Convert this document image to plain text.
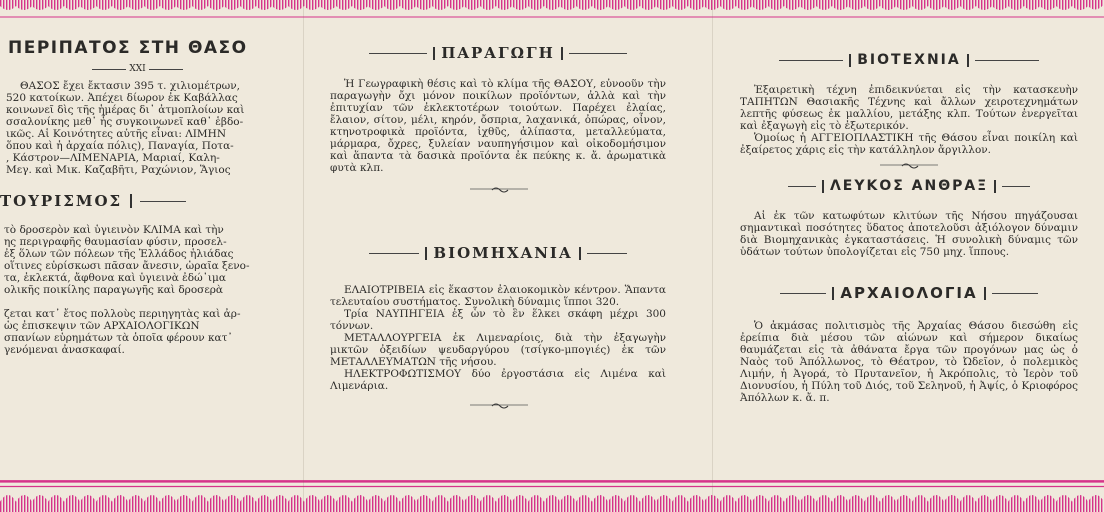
ΠΕΡΙΠΑΤΟΣ ΣΤΗ ΘΑΣΟ
XXI
ΘΑΣΟΣ ἔχει ἔκτασιν 395 τ. χιλιομέτρων,
520 κατοίκων. Ἀπέχει δίωρον ἐκ Καβάλλας
κοινωνεῖ δὶς τῆς ἡμέρας δι᾽ ἀτμοπλοίων καὶ
σσαλονίκης μεθ᾽ ἧς συγκοινωνεῖ καθ᾽ ἑβδο-
ικῶς. Αἱ Κοινότητες αὐτῆς εἶναι: ΛΙΜΗΝ
ὅπου καὶ ἡ ἀρχαία πόλις), Παναγία, Ποτα-
, Κάστρον—ΛΙΜΕΝΑΡΙΑ, Μαριαί, Καλη-
Μεγ. καὶ Μικ. Καζαβῆτι, Ραχώνιον, Ἅγιος
ΤΟΥΡΙΣΜΟΣ
τὸ δροσερὸν καὶ ὑγιεινὸν ΚΛΙΜΑ καὶ τὴν
ης περιγραφῆς θαυμασίαν φύσιν, προσελ-
ἐξ ὅλων τῶν πόλεων τῆς Ἑλλάδος ἡλιάδας
οἵτινες εὑρίσκωσι πᾶσαν ἄνεσιν, ὡραῖα ξενο-
τα, ἐκλεκτά, ἄφθονα καὶ ὑγιεινὰ ἐδώ᾽ιμα
ολικῆς ποικίλης παραγωγῆς καὶ δροσερὰ
ζεται κατ᾽ ἔτος πολλοὺς περιηγητὰς καὶ ἀρ-
ὡς ἐπισκεψιν τῶν ΑΡΧΑΙΟΛΟΓΙΚΩΝ
σπανίων εὑρημάτων τὰ ὁποῖα φέρουν κατ᾽
γενόμεναι ἀνασκαφαί.
ΠΑΡΑΓΩΓΗ

Ἡ Γεωγραφικὴ θέσις καὶ τὸ κλίμα τῆς ΘΑΣΟΥ, εὐνοοῦν τὴν παραγωγὴν ὄχι μόνον ποικίλων προϊόντων, ἀλλὰ καὶ τὴν ἐπιτυχίαν τῶν ἐκλεκτοτέρων τοιούτων. Παρέχει ἐλαίας, ἔλαιον, σίτον, μέλι, κηρόν, ὄσπρια, λαχανικά, ὀπώρας, οἶνον, κτηνοτροφικὰ προϊόντα, ἰχθῦς, ἀλίπαστα, μεταλλεύματα, μάρμαρα, ὄχρες, ξυλείαν ναυπηγήσιμον καὶ οἰκοδομήσιμον καὶ ἅπαντα τὰ δασικὰ προϊόντα ἐκ πεύκης κ. ἄ. ἀρωματικὰ φυτὰ κλπ.

ΒΙΟΜΗΧΑΝΙΑ

ΕΛΑΙΟΤΡΙΒΕΙΑ εἰς ἕκαστον ἐλαιοκομικὸν κέντρον. Ἅπαντα τελευταίου συστήματος. Συνολικὴ δύναμις ἵπποι 320.

Τρία ΝΑΥΠΗΓΕΙΑ ἐξ ὧν τὸ ἓν ἕλκει σκάφη μέχρι 300 τόννων.

ΜΕΤΑΛΛΟΥΡΓΕΙΑ ἐκ Λιμεναρίοις, διὰ τὴν ἐξαγωγὴν μικτῶν ὀξειδίων ψευδαργύρου (τσίγκο-μπογιές) ἐκ τῶν ΜΕΤΑΛΛΕΥΜΑΤΩΝ τῆς νήσου.

ΗΛΕΚΤΡΟΦΩΤΙΣΜΟΥ δύο ἐργοστάσια εἰς Λιμένα καὶ Λιμενάρια.

ΒΙΟΤΕΧΝΙΑ

Ἐξαιρετικὴ τέχνη ἐπιδεικνύεται εἰς τὴν κατασκευὴν ΤΑΠΗΤΩΝ Θασιακῆς Τέχνης καὶ ἄλλων χειροτεχνημάτων λεπτῆς φύσεως ἐκ μαλλίου, μετάξης κλπ. Τούτων ἐνεργεῖται καὶ ἐξαγωγὴ εἰς τὸ ἐξωτερικόν.

Ὁμοίως ἡ ΑΓΓΕΙΟΠΛΑΣΤΙΚΗ τῆς Θάσου εἶναι ποικίλη καὶ ἐξαίρετος χάρις εἰς τὴν κατάλληλον ἄργιλλον.

ΛΕΥΚΟΣ ΑΝΘΡΑΞ

Αἱ ἐκ τῶν κατωφύτων κλιτύων τῆς Νήσου πηγάζουσαι σημαντικαὶ ποσότητες ὕδατος ἀποτελοῦσι ἀξιόλογον δύναμιν διὰ Βιομηχανικὰς ἐγκαταστάσεις. Ἡ συνολικὴ δύναμις τῶν ὑδάτων τούτων ὑπολογίζεται εἰς 750 μηχ. ἵππους.

ΑΡΧΑΙΟΛΟΓΙΑ

Ὁ ἀκμάσας πολιτισμὸς τῆς Ἀρχαίας Θάσου διεσώθη εἰς ἐρείπια διὰ μέσου τῶν αἰώνων καὶ σήμερον δικαίως θαυμάζεται εἰς τὰ ἀθάνατα ἔργα τῶν προγόνων μας ὡς ὁ Ναὸς τοῦ Ἀπόλλωνος, τὸ Θέατρον, τὸ Ὠδεῖον, ὁ πολεμικὸς Λιμήν, ἡ Ἀγορά, τὸ Πρυτανεῖον, ἡ Ἀκρόπολις, τὸ Ἱερὸν τοῦ Διονυσίου, ἡ Πύλη τοῦ Διός, τοῦ Σεληνοῦ, ἡ Ἀψίς, ὁ Κριοφόρος Ἀπόλλων κ. ἄ. π.
